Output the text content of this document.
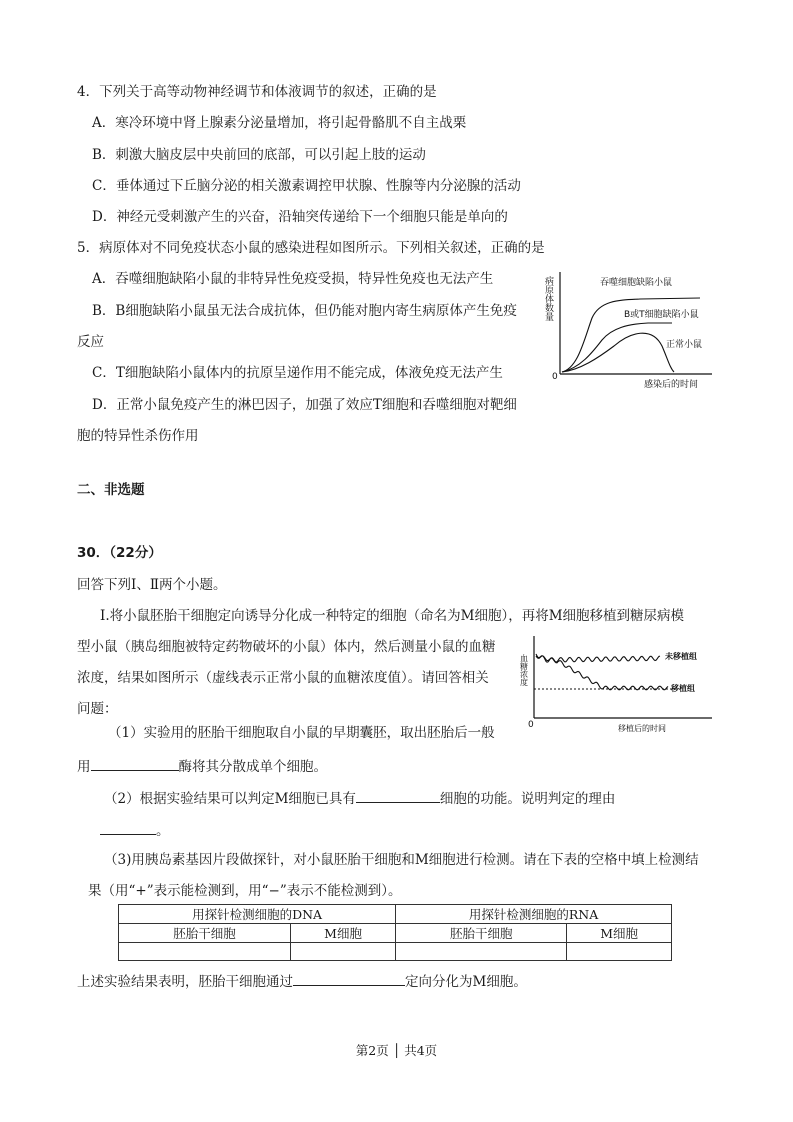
4．下列关于高等动物神经调节和体液调节的叙述，正确的是
A．寒冷环境中肾上腺素分泌量增加，将引起骨骼肌不自主战栗
B．刺激大脑皮层中央前回的底部，可以引起上肢的运动
C．垂体通过下丘脑分泌的相关激素调控甲状腺、性腺等内分泌腺的活动
D．神经元受刺激产生的兴奋，沿轴突传递给下一个细胞只能是单向的
5．病原体对不同免疫状态小鼠的感染进程如图所示。下列相关叙述，正确的是
A．吞噬细胞缺陷小鼠的非特异性免疫受损，特异性免疫也无法产生
B．B细胞缺陷小鼠虽无法合成抗体，但仍能对胞内寄生病原体产生免疫
反应
C．T细胞缺陷小鼠体内的抗原呈递作用不能完成，体液免疫无法产生
D．正常小鼠免疫产生的淋巴因子，加强了效应T细胞和吞噬细胞对靶细
胞的特异性杀伤作用
病原体数量
0
感染后的时间
吞噬细胞缺陷小鼠
B或T细胞缺陷小鼠
正常小鼠
二、非选题
30．（22分）
回答下列Ⅰ、Ⅱ两个小题。
Ⅰ.将小鼠胚胎干细胞定向诱导分化成一种特定的细胞（命名为M细胞），再将M细胞移植到糖尿病模
型小鼠（胰岛细胞被特定药物破坏的小鼠）体内，然后测量小鼠的血糖
浓度，结果如图所示（虚线表示正常小鼠的血糖浓度值）。请回答相关
问题：
血糖浓度
0	移植后的时间
未移植组
移植组
（1）实验用的胚胎干细胞取自小鼠的早期囊胚，取出胚胎后一般
用	酶将其分散成单个细胞。
（2）根据实验结果可以判定M细胞已具有	细胞的功能。说明判定的理由
。
（3)用胰岛素基因片段做探针，对小鼠胚胎干细胞和M细胞进行检测。请在下表的空格中填上检测结
果（用“+”表示能检测到，用“−”表示不能检测到）。
用探针检测细胞的DNA		用探针检测细胞的RNA	
胚胎干细胞	M细胞	胚胎干细胞	M细胞

上述实验结果表明，胚胎干细胞通过	定向分化为M细胞。
第2页 │ 共4页
